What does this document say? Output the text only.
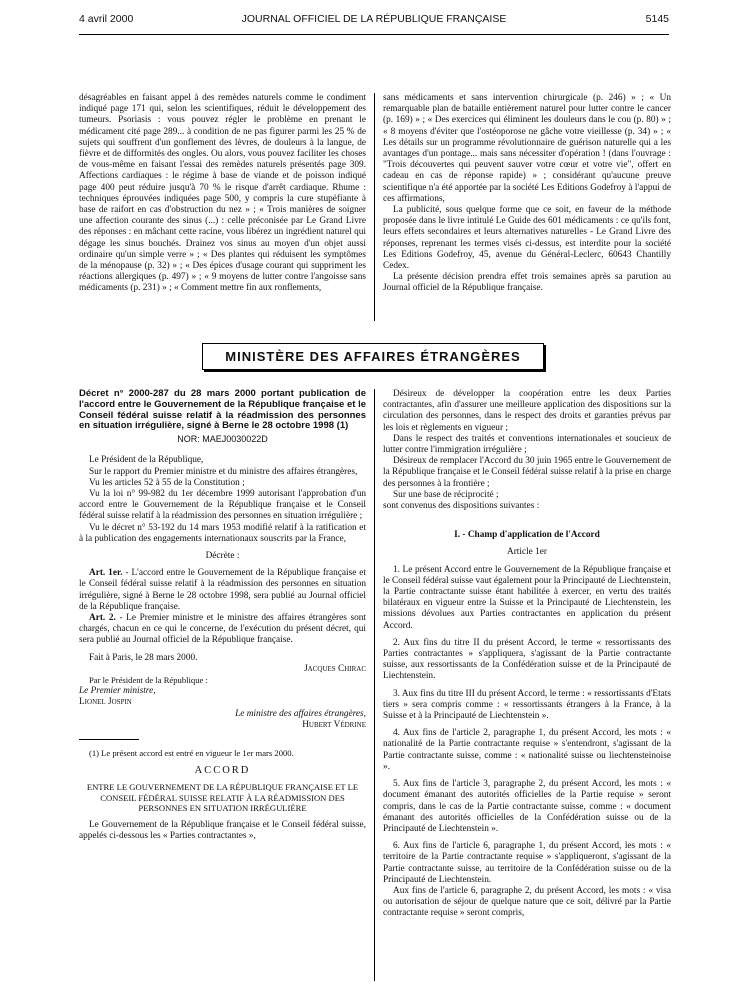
4 avril 2000	JOURNAL OFFICIEL DE LA RÉPUBLIQUE FRANÇAISE	5145

désagréables en faisant appel à des remèdes naturels comme le condiment indiqué page 171 qui, selon les scientifiques, réduit le développement des tumeurs. Psoriasis : vous pouvez régler le problème en prenant le médicament cité page 289... à condition de ne pas figurer parmi les 25 % de sujets qui souffrent d'un gonflement des lèvres, de douleurs à la langue, de fièvre et de difformités des ongles. Ou alors, vous pouvez faciliter les choses de vous-même en faisant l'essai des remèdes naturels présentés page 309. Affections cardiaques : le régime à base de viande et de poisson indiqué page 400 peut réduire jusqu'à 70 % le risque d'arrêt cardiaque. Rhume : techniques éprouvées indiquées page 500, y compris la cure stupéfiante à base de raifort en cas d'obstruction du nez » ; « Trois manières de soigner une affection courante des sinus (...) : celle préconisée par Le Grand Livre des réponses : en mâchant cette racine, vous libérez un ingrédient naturel qui dégage les sinus bouchés. Drainez vos sinus au moyen d'un objet aussi ordinaire qu'un simple verre » ; « Des plantes qui réduisent les symptômes de la ménopause (p. 32) » ; « Des épices d'usage courant qui suppriment les réactions allergiques (p. 497) » ; « 9 moyens de lutter contre l'angoisse sans médicaments (p. 231) » ; « Comment mettre fin aux ronflements,

sans médicaments et sans intervention chirurgicale (p. 246) » ; « Un remarquable plan de bataille entièrement naturel pour lutter contre le cancer (p. 169) » ; « Des exercices qui éliminent les douleurs dans le cou (p. 80) » ; « 8 moyens d'éviter que l'ostéoporose ne gâche votre vieillesse (p. 34) » ; « Les détails sur un programme révolutionnaire de guérison naturelle qui a les avantages d'un pontage... mais sans nécessiter d'opération ! (dans l'ouvrage : "Trois découvertes qui peuvent sauver votre cœur et votre vie", offert en cadeau en cas de réponse rapide) » ; considérant qu'aucune preuve scientifique n'a été apportée par la société Les Editions Godefroy à l'appui de ces affirmations,

La publicité, sous quelque forme que ce soit, en faveur de la méthode proposée dans le livre intitulé Le Guide des 601 médicaments : ce qu'ils font, leurs effets secondaires et leurs alternatives naturelles - Le Grand Livre des réponses, reprenant les termes visés ci-dessus, est interdite pour la société Les Editions Godefroy, 45, avenue du Général-Leclerc, 60643 Chantilly Cedex.

La présente décision prendra effet trois semaines après sa parution au Journal officiel de la République française.

MINISTÈRE DES AFFAIRES ÉTRANGÈRES

Décret n° 2000-287 du 28 mars 2000 portant publication de l'accord entre le Gouvernement de la République française et le Conseil fédéral suisse relatif à la réadmission des personnes en situation irrégulière, signé à Berne le 28 octobre 1998 (1)

NOR: MAEJ0030022D

Le Président de la République,

Sur le rapport du Premier ministre et du ministre des affaires étrangères,

Vu les articles 52 à 55 de la Constitution ;

Vu la loi n° 99-982 du 1er décembre 1999 autorisant l'approbation d'un accord entre le Gouvernement de la République française et le Conseil fédéral suisse relatif à la réadmission des personnes en situation irrégulière ;

Vu le décret n° 53-192 du 14 mars 1953 modifié relatif à la ratification et à la publication des engagements internationaux souscrits par la France,

Décrète :

Art. 1er. - L'accord entre le Gouvernement de la République française et le Conseil fédéral suisse relatif à la réadmission des personnes en situation irrégulière, signé à Berne le 28 octobre 1998, sera publié au Journal officiel de la République française.

Art. 2. - Le Premier ministre et le ministre des affaires étrangères sont chargés, chacun en ce qui le concerne, de l'exécution du présent décret, qui sera publié au Journal officiel de la République française.

Fait à Paris, le 28 mars 2000.

Jacques Chirac

Par le Président de la République :

Le Premier ministre,

Lionel Jospin

Le ministre des affaires étrangères,

Hubert Védrine

(1) Le présent accord est entré en vigueur le 1er mars 2000.

ACCORD

ENTRE LE GOUVERNEMENT DE LA RÉPUBLIQUE FRANÇAISE ET LE CONSEIL FÉDÉRAL SUISSE RELATIF À LA RÉADMISSION DES PERSONNES EN SITUATION IRRÉGULIÈRE

Le Gouvernement de la République française et le Conseil fédéral suisse, appelés ci-dessous les « Parties contractantes »,

Désireux de développer la coopération entre les deux Parties contractantes, afin d'assurer une meilleure application des dispositions sur la circulation des personnes, dans le respect des droits et garanties prévus par les lois et règlements en vigueur ;

Dans le respect des traités et conventions internationales et soucieux de lutter contre l'immigration irrégulière ;

Désireux de remplacer l'Accord du 30 juin 1965 entre le Gouvernement de la République française et le Conseil fédéral suisse relatif à la prise en charge des personnes à la frontière ;

Sur une base de réciprocité ;

sont convenus des dispositions suivantes :

I. - Champ d'application de l'Accord

Article 1er

1. Le présent Accord entre le Gouvernement de la République française et le Conseil fédéral suisse vaut également pour la Principauté de Liechtenstein, la Partie contractante suisse étant habilitée à exercer, en vertu des traités bilatéraux en vigueur entre la Suisse et la Principauté de Liechtenstein, les missions dévolues aux Parties contractantes en application du présent Accord.

2. Aux fins du titre II du présent Accord, le terme « ressortissants des Parties contractantes » s'appliquera, s'agissant de la Partie contractante suisse, aux ressortissants de la Confédération suisse et de la Principauté de Liechtenstein.

3. Aux fins du titre III du présent Accord, le terme : « ressortissants d'Etats tiers » sera compris comme : « ressortissants étrangers à la France, à la Suisse et à la Principauté de Liechtenstein ».

4. Aux fins de l'article 2, paragraphe 1, du présent Accord, les mots : « nationalité de la Partie contractante requise » s'entendront, s'agissant de la Partie contractante suisse, comme : « nationalité suisse ou liechtensteinoise ».

5. Aux fins de l'article 3, paragraphe 2, du présent Accord, les mots : « document émanant des autorités officielles de la Partie requise » seront compris, dans le cas de la Partie contractante suisse, comme : « document émanant des autorités officielles de la Confédération suisse ou de la Principauté de Liechtenstein ».

6. Aux fins de l'article 6, paragraphe 1, du présent Accord, les mots : « territoire de la Partie contractante requise » s'appliqueront, s'agissant de la Partie contractante suisse, au territoire de la Confédération suisse ou de la Principauté de Liechtenstein.

Aux fins de l'article 6, paragraphe 2, du présent Accord, les mots : « visa ou autorisation de séjour de quelque nature que ce soit, délivré par la Partie contractante requise » seront compris,
